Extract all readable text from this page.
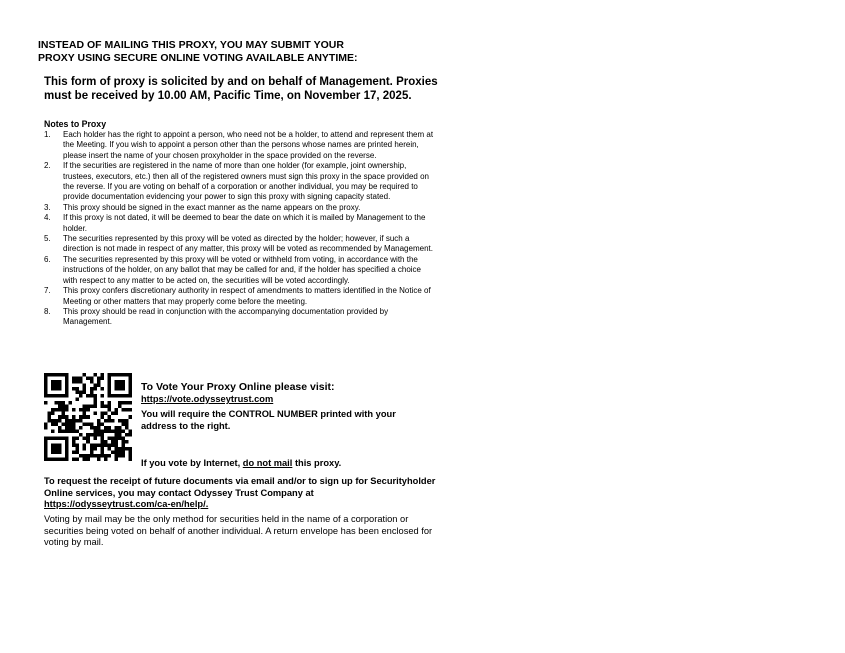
INSTEAD OF MAILING THIS PROXY, YOU MAY SUBMIT YOUR
PROXY USING SECURE ONLINE VOTING AVAILABLE ANYTIME:
This form of proxy is solicited by and on behalf of Management. Proxies must be received by 10.00 AM, Pacific Time, on November 17, 2025.
Notes to Proxy
1.	Each holder has the right to appoint a person, who need not be a holder, to attend and represent them at the Meeting. If you wish to appoint a person other than the persons whose names are printed herein, please insert the name of your chosen proxyholder in the space provided on the reverse.
2.	If the securities are registered in the name of more than one holder (for example, joint ownership, trustees, executors, etc.) then all of the registered owners must sign this proxy in the space provided on the reverse. If you are voting on behalf of a corporation or another individual, you may be required to provide documentation evidencing your power to sign this proxy with signing capacity stated.
3.	This proxy should be signed in the exact manner as the name appears on the proxy.
4.	If this proxy is not dated, it will be deemed to bear the date on which it is mailed by Management to the holder.
5.	The securities represented by this proxy will be voted as directed by the holder; however, if such a direction is not made in respect of any matter, this proxy will be voted as recommended by Management.
6.	The securities represented by this proxy will be voted or withheld from voting, in accordance with the instructions of the holder, on any ballot that may be called for and, if the holder has specified a choice with respect to any matter to be acted on, the securities will be voted accordingly.
7.	This proxy confers discretionary authority in respect of amendments to matters identified in the Notice of Meeting or other matters that may properly come before the meeting.
8.	This proxy should be read in conjunction with the accompanying documentation provided by Management.
To Vote Your Proxy Online please visit:
https://vote.odysseytrust.com
You will require the CONTROL NUMBER printed with your address to the right.
If you vote by Internet, do not mail this proxy.
To request the receipt of future documents via email and/or to sign up for Securityholder Online services, you may contact Odyssey Trust Company at https://odysseytrust.com/ca-en/help/.
Voting by mail may be the only method for securities held in the name of a corporation or securities being voted on behalf of another individual. A return envelope has been enclosed for voting by mail.
